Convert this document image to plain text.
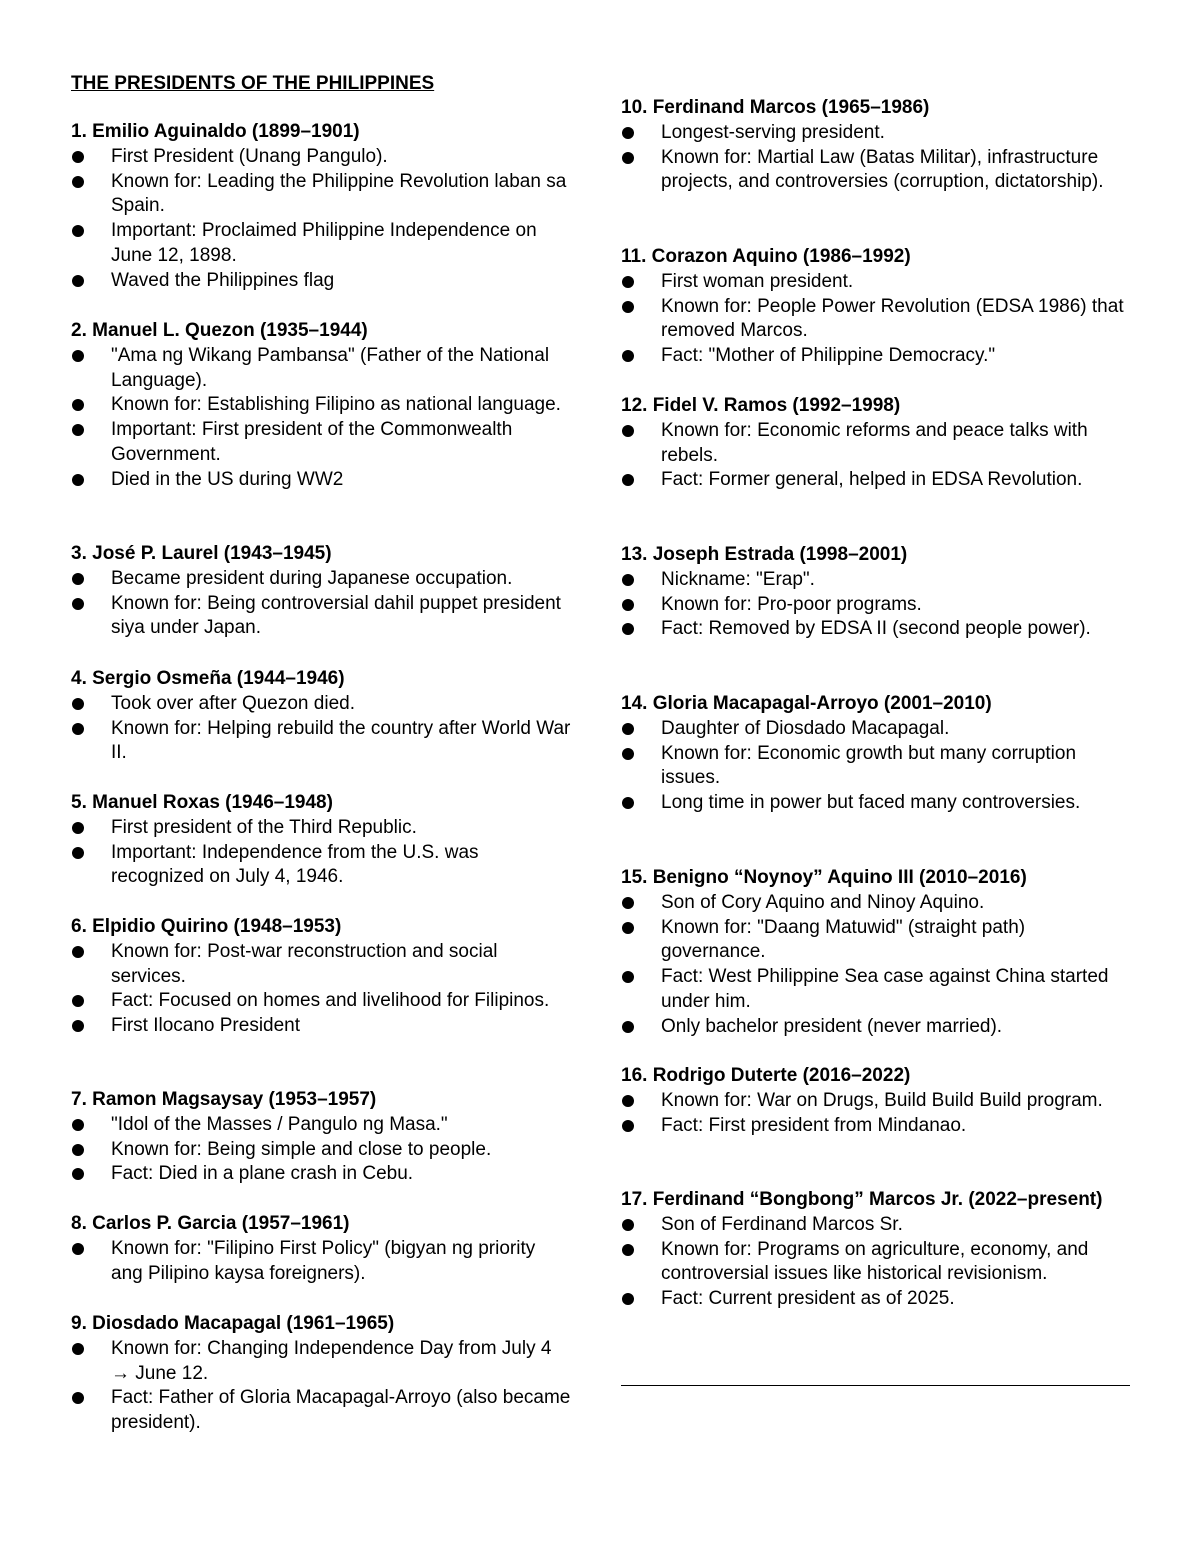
THE PRESIDENTS OF THE PHILIPPINES
1. Emilio Aguinaldo (1899–1901)
First President (Unang Pangulo).
Known for: Leading the Philippine Revolution laban sa Spain.
Important: Proclaimed Philippine Independence on June 12, 1898.
Waved the Philippines flag
2. Manuel L. Quezon (1935–1944)
"Ama ng Wikang Pambansa" (Father of the National Language).
Known for: Establishing Filipino as national language.
Important: First president of the Commonwealth Government.
Died in the US during WW2
3. José P. Laurel (1943–1945)
Became president during Japanese occupation.
Known for: Being controversial dahil puppet president siya under Japan.
4. Sergio Osmeña (1944–1946)
Took over after Quezon died.
Known for: Helping rebuild the country after World War II.
5. Manuel Roxas (1946–1948)
First president of the Third Republic.
Important: Independence from the U.S. was recognized on July 4, 1946.
6. Elpidio Quirino (1948–1953)
Known for: Post-war reconstruction and social services.
Fact: Focused on homes and livelihood for Filipinos.
First Ilocano President
7. Ramon Magsaysay (1953–1957)
"Idol of the Masses / Pangulo ng Masa."
Known for: Being simple and close to people.
Fact: Died in a plane crash in Cebu.
8. Carlos P. Garcia (1957–1961)
Known for: "Filipino First Policy" (bigyan ng priority ang Pilipino kaysa foreigners).
9. Diosdado Macapagal (1961–1965)
Known for: Changing Independence Day from July 4 → June 12.
Fact: Father of Gloria Macapagal-Arroyo (also became president).
10. Ferdinand Marcos (1965–1986)
Longest-serving president.
Known for: Martial Law (Batas Militar), infrastructure projects, and controversies (corruption, dictatorship).
11. Corazon Aquino (1986–1992)
First woman president.
Known for: People Power Revolution (EDSA 1986) that removed Marcos.
Fact: "Mother of Philippine Democracy."
12. Fidel V. Ramos (1992–1998)
Known for: Economic reforms and peace talks with rebels.
Fact: Former general, helped in EDSA Revolution.
13. Joseph Estrada (1998–2001)
Nickname: "Erap".
Known for: Pro-poor programs.
Fact: Removed by EDSA II (second people power).
14. Gloria Macapagal-Arroyo (2001–2010)
Daughter of Diosdado Macapagal.
Known for: Economic growth but many corruption issues.
Long time in power but faced many controversies.
15. Benigno “Noynoy” Aquino III (2010–2016)
Son of Cory Aquino and Ninoy Aquino.
Known for: "Daang Matuwid" (straight path) governance.
Fact: West Philippine Sea case against China started under him.
Only bachelor president (never married).
16. Rodrigo Duterte (2016–2022)
Known for: War on Drugs, Build Build Build program.
Fact: First president from Mindanao.
17. Ferdinand “Bongbong” Marcos Jr. (2022–present)
Son of Ferdinand Marcos Sr.
Known for: Programs on agriculture, economy, and controversial issues like historical revisionism.
Fact: Current president as of 2025.
